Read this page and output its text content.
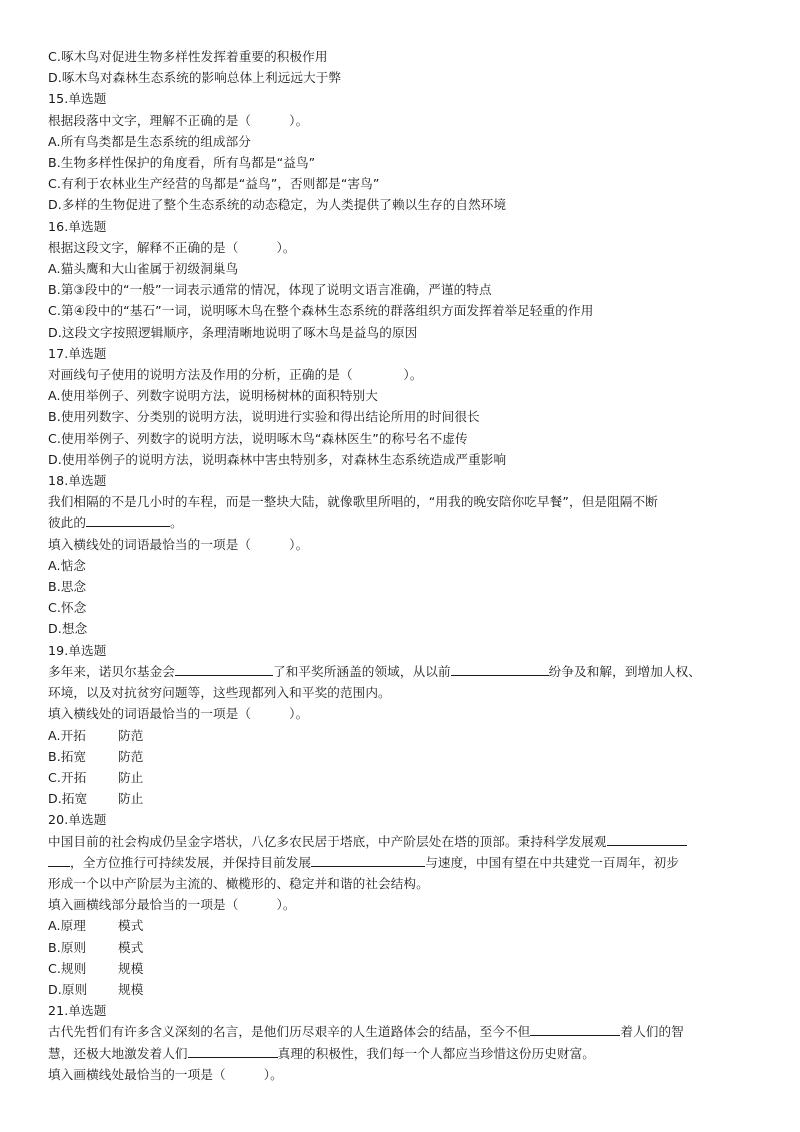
C.啄木鸟对促进生物多样性发挥着重要的积极作用
D.啄木鸟对森林生态系统的影响总体上利远远大于弊
15.单选题
根据段落中文字，理解不正确的是（　　　）。
A.所有鸟类都是生态系统的组成部分
B.生物多样性保护的角度看，所有鸟都是“益鸟”
C.有利于农林业生产经营的鸟都是“益鸟”，否则都是“害鸟”
D.多样的生物促进了整个生态系统的动态稳定，为人类提供了赖以生存的自然环境
16.单选题
根据这段文字，解释不正确的是（　　　）。
A.猫头鹰和大山雀属于初级洞巢鸟
B.第③段中的“一般”一词表示通常的情况，体现了说明文语言准确，严谨的特点
C.第④段中的“基石”一词，说明啄木鸟在整个森林生态系统的群落组织方面发挥着举足轻重的作用
D.这段文字按照逻辑顺序，条理清晰地说明了啄木鸟是益鸟的原因
17.单选题
对画线句子使用的说明方法及作用的分析，正确的是（　　　　）。
A.使用举例子、列数字说明方法，说明杨树林的面积特别大
B.使用列数字、分类别的说明方法，说明进行实验和得出结论所用的时间很长
C.使用举例子、列数字的说明方法，说明啄木鸟“森林医生”的称号名不虚传
D.使用举例子的说明方法，说明森林中害虫特别多，对森林生态系统造成严重影响
18.单选题
我们相隔的不是几小时的车程，而是一整块大陆，就像歌里所唱的，“用我的晚安陪你吃早餐”，但是阻隔不断
彼此的	。
填入横线处的词语最恰当的一项是（　　　）。
A.惦念
B.思念
C.怀念
D.想念
19.单选题
多年来，诺贝尔基金会	了和平奖所涵盖的领域，从以前	纷争及和解，到增加人权、
环境，以及对抗贫穷问题等，这些现都列入和平奖的范围内。
填入横线处的词语最恰当的一项是（　　　）。
A.开拓	防范
B.拓宽	防范
C.开拓	防止
D.拓宽 防止
20.单选题
中国目前的社会构成仍呈金字塔状，八亿多农民居于塔底，中产阶层处在塔的顶部。秉持科学发展观
，全方位推行可持续发展，并保持目前发展	与速度，中国有望在中共建党一百周年，初步
形成一个以中产阶层为主流的、橄榄形的、稳定并和谐的社会结构。
填入画横线部分最恰当的一项是（　　　）。
A.原理	模式
B.原则	模式
C.规则	规模
D.原则 规模
21.单选题
古代先哲们有许多含义深刻的名言，是他们历尽艰辛的人生道路体会的结晶，至今不但	着人们的智
慧，还极大地激发着人们	真理的积极性，我们每一个人都应当珍惜这份历史财富。
填入画横线处最恰当的一项是（　　　）。
